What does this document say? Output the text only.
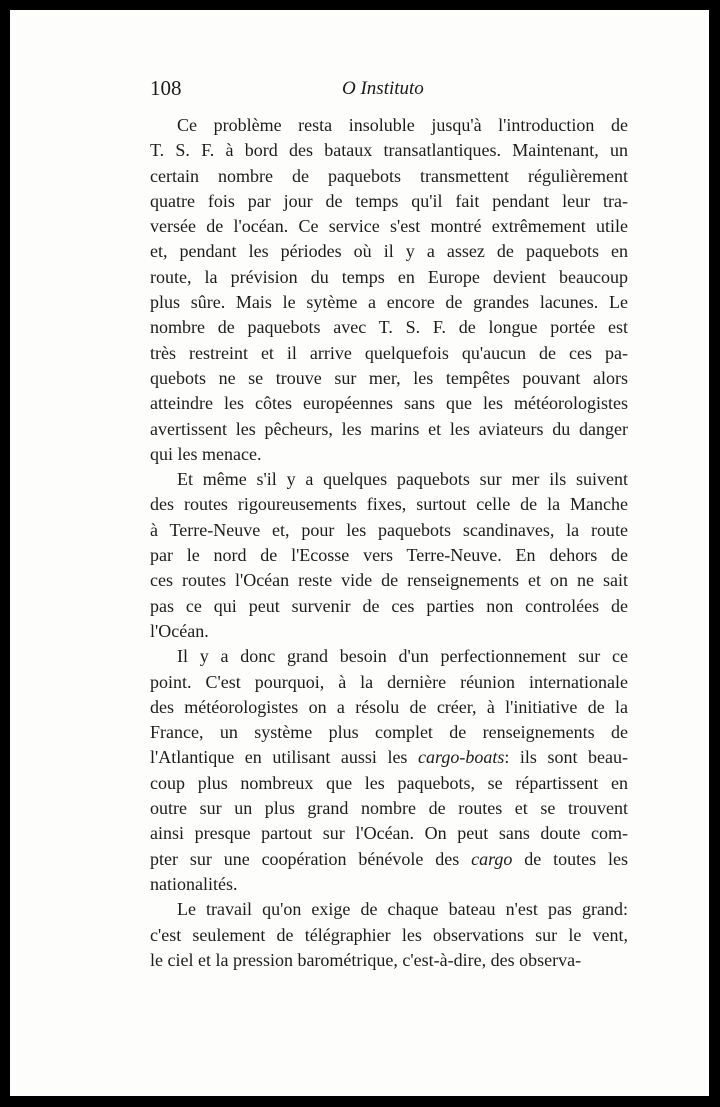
108	O Instituto
Ce problème resta insoluble jusqu'à l'introduction de
T. S. F. à bord des bataux transatlantiques. Maintenant, un
certain nombre de paquebots transmettent régulièrement
quatre fois par jour de temps qu'il fait pendant leur tra-
versée de l'océan. Ce service s'est montré extrêmement utile
et, pendant les périodes où il y a assez de paquebots en
route, la prévision du temps en Europe devient beaucoup
plus sûre. Mais le sytème a encore de grandes lacunes. Le
nombre de paquebots avec T. S. F. de longue portée est
très restreint et il arrive quelquefois qu'aucun de ces pa-
quebots ne se trouve sur mer, les tempêtes pouvant alors
atteindre les côtes européennes sans que les météorologistes
avertissent les pêcheurs, les marins et les aviateurs du danger
qui les menace.
Et même s'il y a quelques paquebots sur mer ils suivent
des routes rigoureusements fixes, surtout celle de la Manche
à Terre-Neuve et, pour les paquebots scandinaves, la route
par le nord de l'Ecosse vers Terre-Neuve. En dehors de
ces routes l'Océan reste vide de renseignements et on ne sait
pas ce qui peut survenir de ces parties non controlées de
l'Océan.
Il y a donc grand besoin d'un perfectionnement sur ce
point. C'est pourquoi, à la dernière réunion internationale
des météorologistes on a résolu de créer, à l'initiative de la
France, un système plus complet de renseignements de
l'Atlantique en utilisant aussi les cargo-boats: ils sont beau-
coup plus nombreux que les paquebots, se répartissent en
outre sur un plus grand nombre de routes et se trouvent
ainsi presque partout sur l'Océan. On peut sans doute com-
pter sur une coopération bénévole des cargo de toutes les
nationalités.
Le travail qu'on exige de chaque bateau n'est pas grand:
c'est seulement de télégraphier les observations sur le vent,
le ciel et la pression barométrique, c'est-à-dire, des observa-
